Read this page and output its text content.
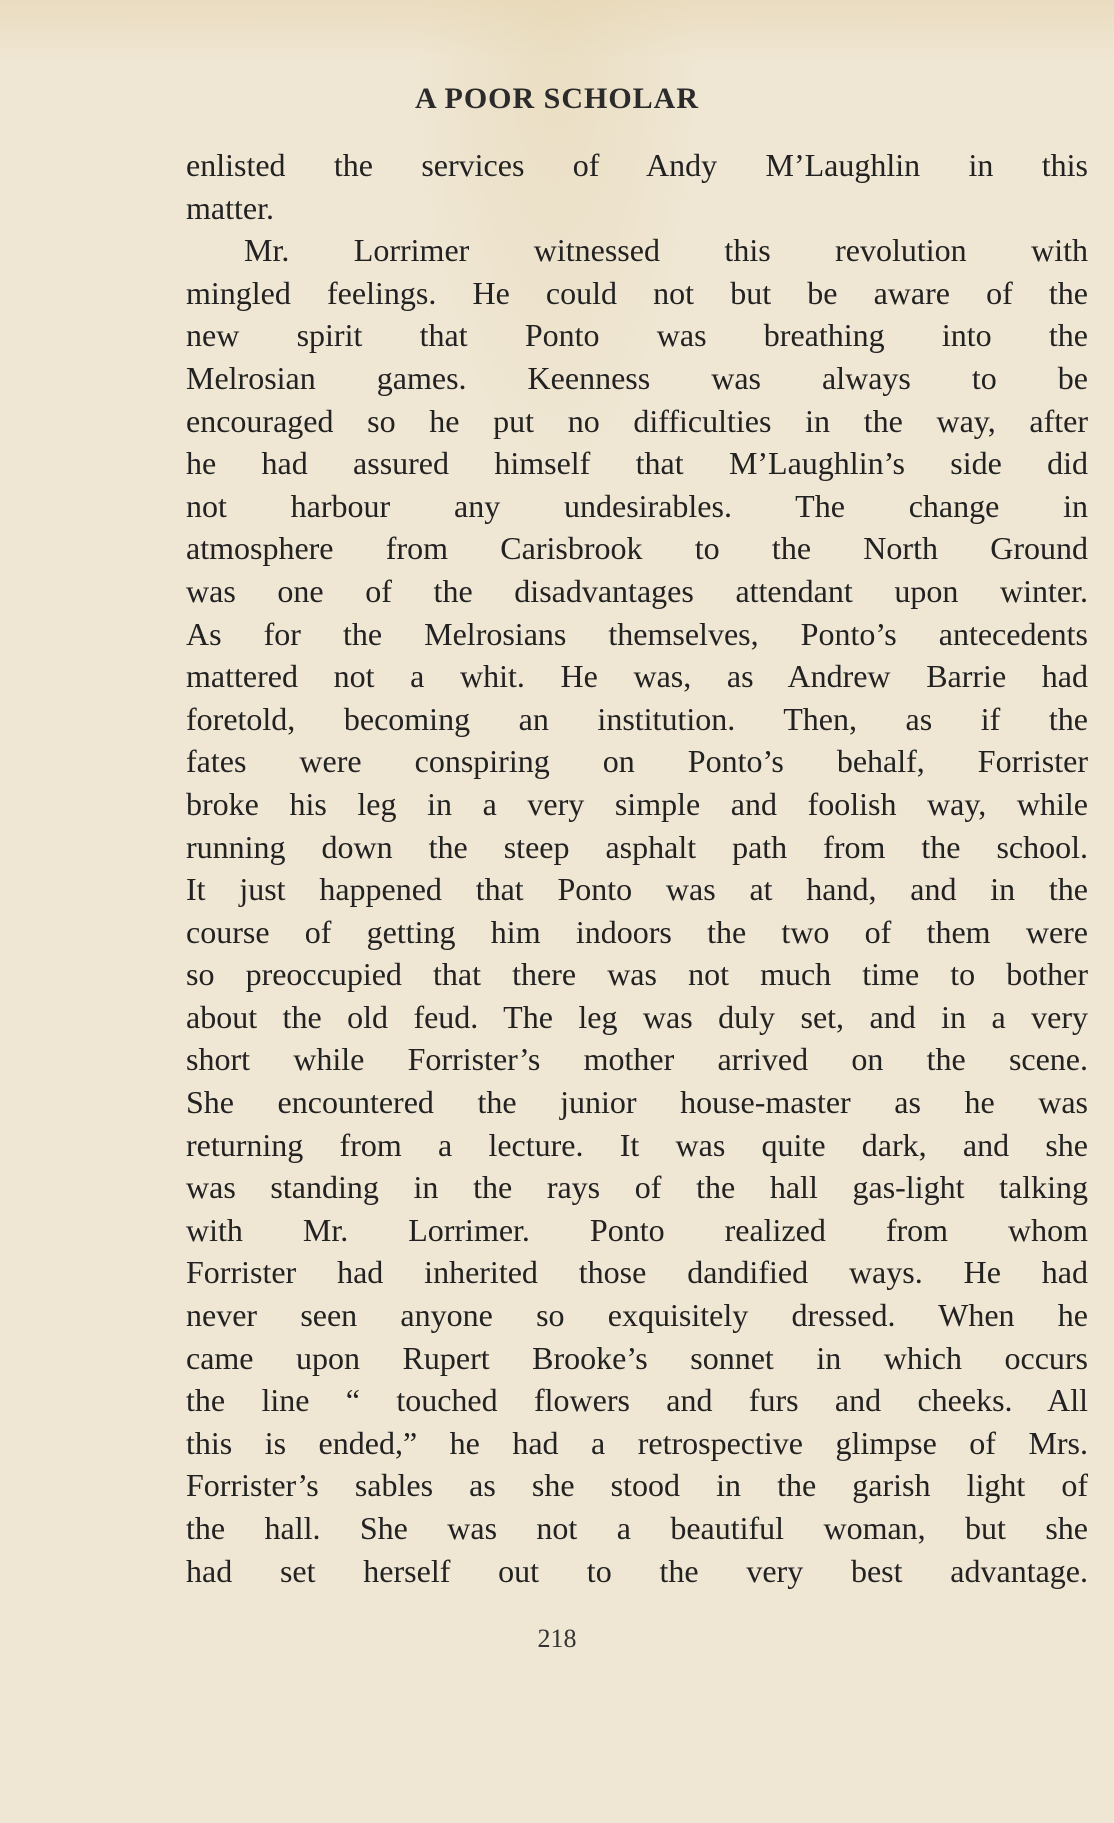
A POOR SCHOLAR
enlisted the services of Andy M’Laughlin in this
matter.
Mr. Lorrimer witnessed this revolution with
mingled feelings. He could not but be aware of the
new spirit that Ponto was breathing into the
Melrosian games. Keenness was always to be
encouraged so he put no difficulties in the way, after
he had assured himself that M’Laughlin’s side did
not harbour any undesirables. The change in
atmosphere from Carisbrook to the North Ground
was one of the disadvantages attendant upon winter.
As for the Melrosians themselves, Ponto’s antecedents
mattered not a whit. He was, as Andrew Barrie had
foretold, becoming an institution. Then, as if the
fates were conspiring on Ponto’s behalf, Forrister
broke his leg in a very simple and foolish way, while
running down the steep asphalt path from the school.
It just happened that Ponto was at hand, and in the
course of getting him indoors the two of them were
so preoccupied that there was not much time to bother
about the old feud. The leg was duly set, and in a very
short while Forrister’s mother arrived on the scene.
She encountered the junior house-master as he was
returning from a lecture. It was quite dark, and she
was standing in the rays of the hall gas-light talking
with Mr. Lorrimer. Ponto realized from whom
Forrister had inherited those dandified ways. He had
never seen anyone so exquisitely dressed. When he
came upon Rupert Brooke’s sonnet in which occurs
the line “ touched flowers and furs and cheeks. All
this is ended,” he had a retrospective glimpse of Mrs.
Forrister’s sables as she stood in the garish light of
the hall. She was not a beautiful woman, but she
had set herself out to the very best advantage.
218
